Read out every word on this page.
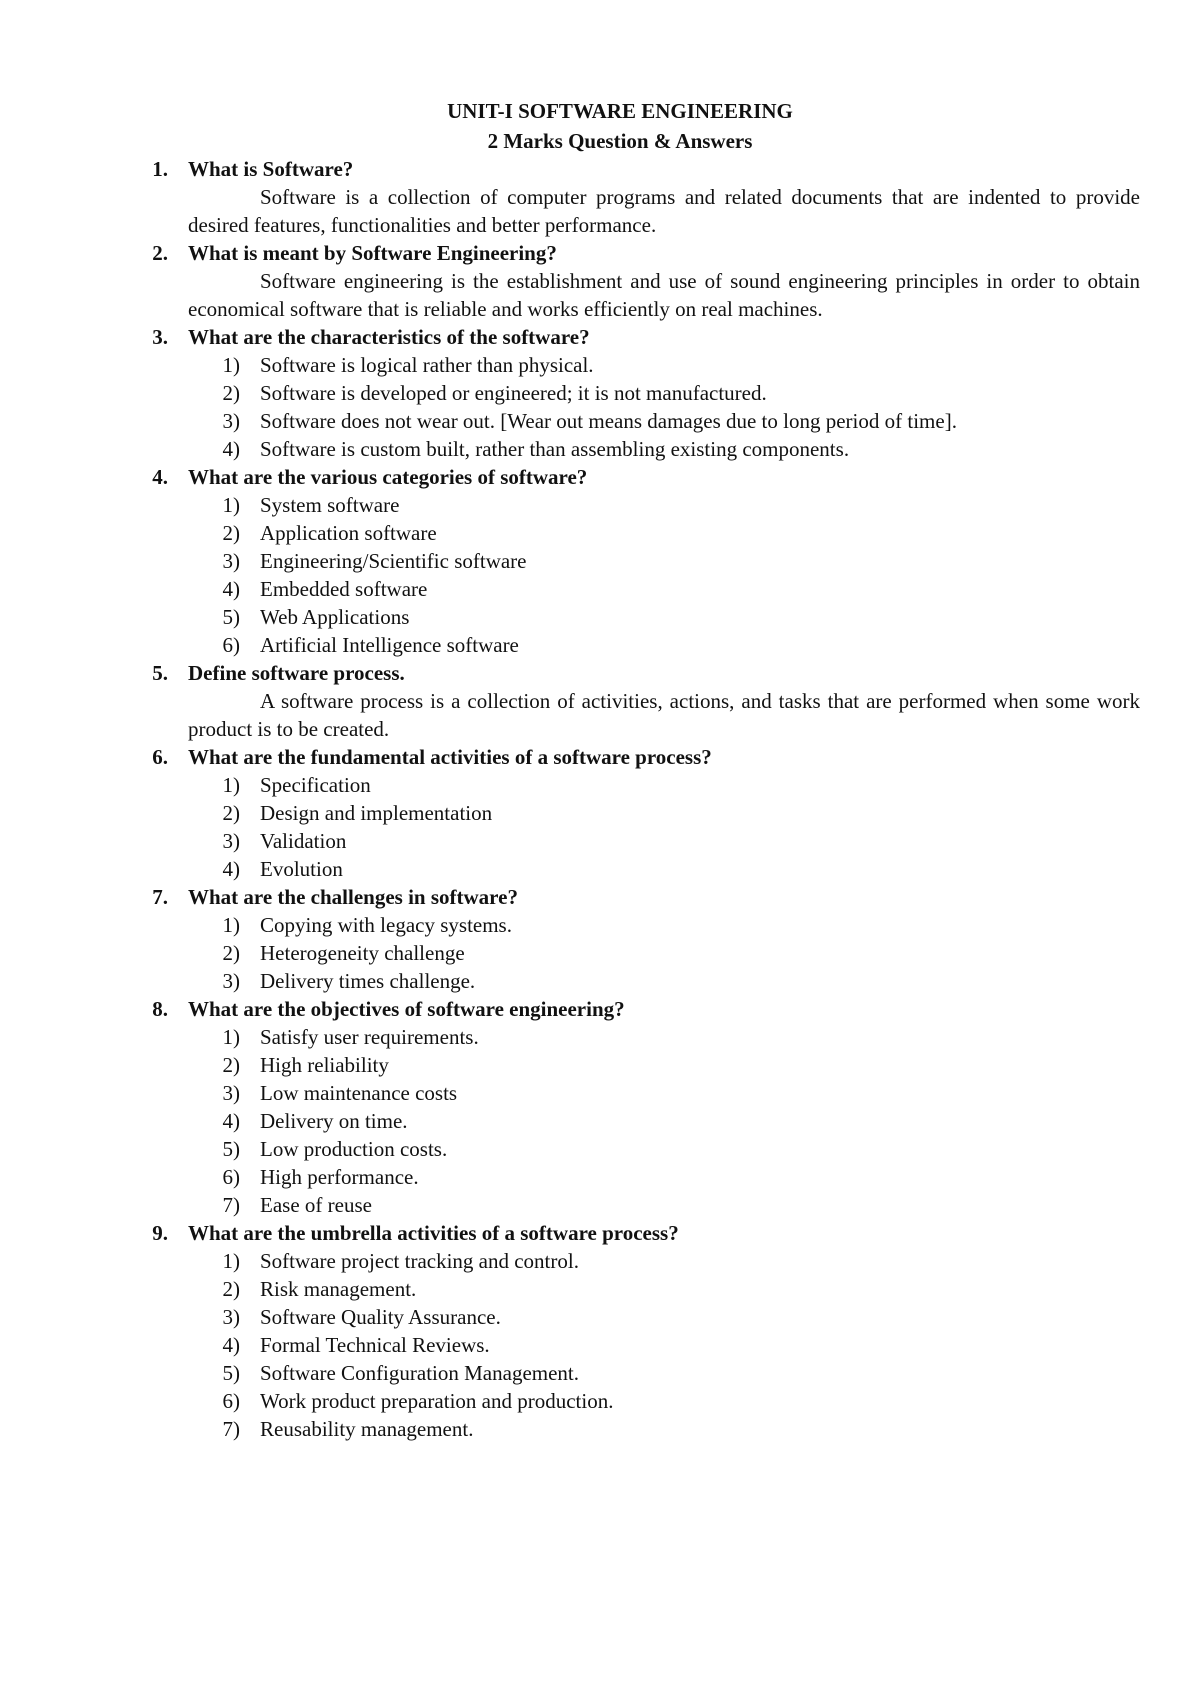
UNIT-I SOFTWARE ENGINEERING
2 Marks Question & Answers
1. What is Software?

Software is a collection of computer programs and related documents that are indented to provide desired features, functionalities and better performance.

2. What is meant by Software Engineering?

Software engineering is the establishment and use of sound engineering principles in order to obtain economical software that is reliable and works efficiently on real machines.

3. What are the characteristics of the software?
1) Software is logical rather than physical.
2) Software is developed or engineered; it is not manufactured.
3) Software does not wear out. [Wear out means damages due to long period of time].
4) Software is custom built, rather than assembling existing components.
4. What are the various categories of software?
1) System software
2) Application software
3) Engineering/Scientific software
4) Embedded software
5) Web Applications
6) Artificial Intelligence software
5. Define software process.

A software process is a collection of activities, actions, and tasks that are performed when some work product is to be created.

6. What are the fundamental activities of a software process?
1) Specification
2) Design and implementation
3) Validation
4) Evolution
7. What are the challenges in software?
1) Copying with legacy systems.
2) Heterogeneity challenge
3) Delivery times challenge.
8. What are the objectives of software engineering?
1) Satisfy user requirements.
2) High reliability
3) Low maintenance costs
4) Delivery on time.
5) Low production costs.
6) High performance.
7) Ease of reuse
9. What are the umbrella activities of a software process?
1) Software project tracking and control.
2) Risk management.
3) Software Quality Assurance.
4) Formal Technical Reviews.
5) Software Configuration Management.
6) Work product preparation and production.
7) Reusability management.
